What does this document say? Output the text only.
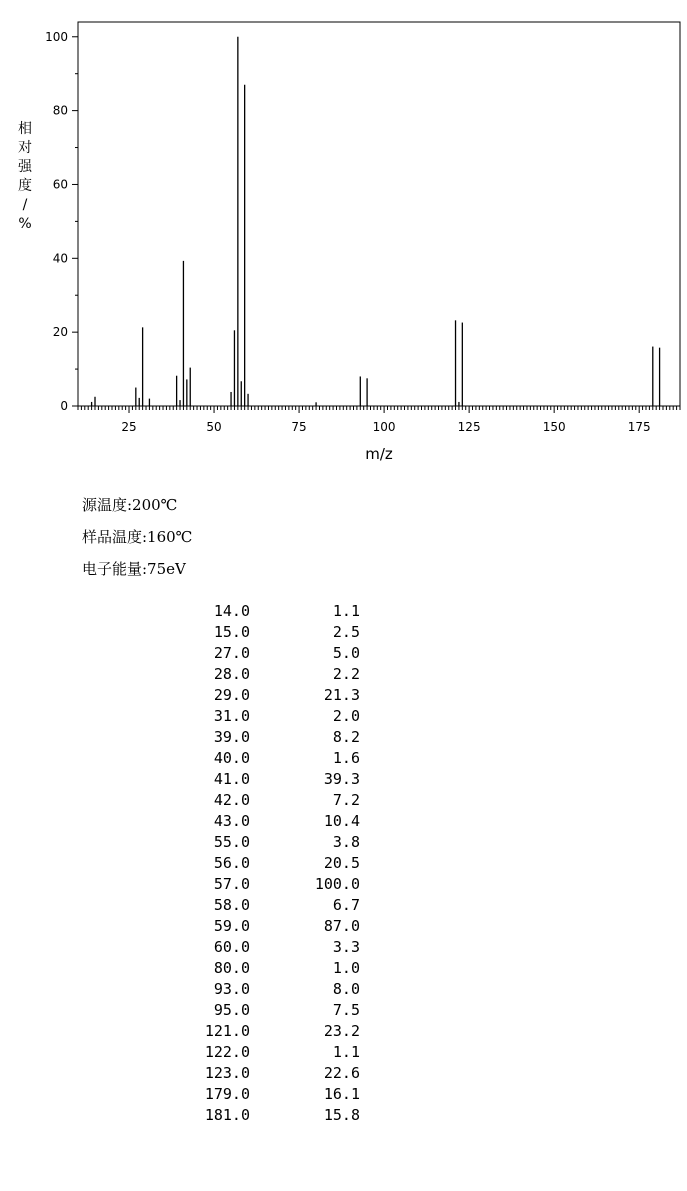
0
20
40
60
80
100
25	50	75	100	125	150	175
m/z
相对强度/ %
源温度:200℃
样品温度:160℃
电子能量:75eV
14.0	1.1
15.0	2.5
27.0	5.0
28.0	2.2
29.0	21.3
31.0	2.0
39.0	8.2
40.0	1.6
41.0	39.3
42.0	7.2
43.0	10.4
55.0	3.8
56.0	20.5
57.0	100.0
58.0	6.7
59.0	87.0
60.0	3.3
80.0	1.0
93.0	8.0
95.0	7.5
121.0	23.2
122.0	1.1
123.0	22.6
179.0	16.1
181.0	15.8
